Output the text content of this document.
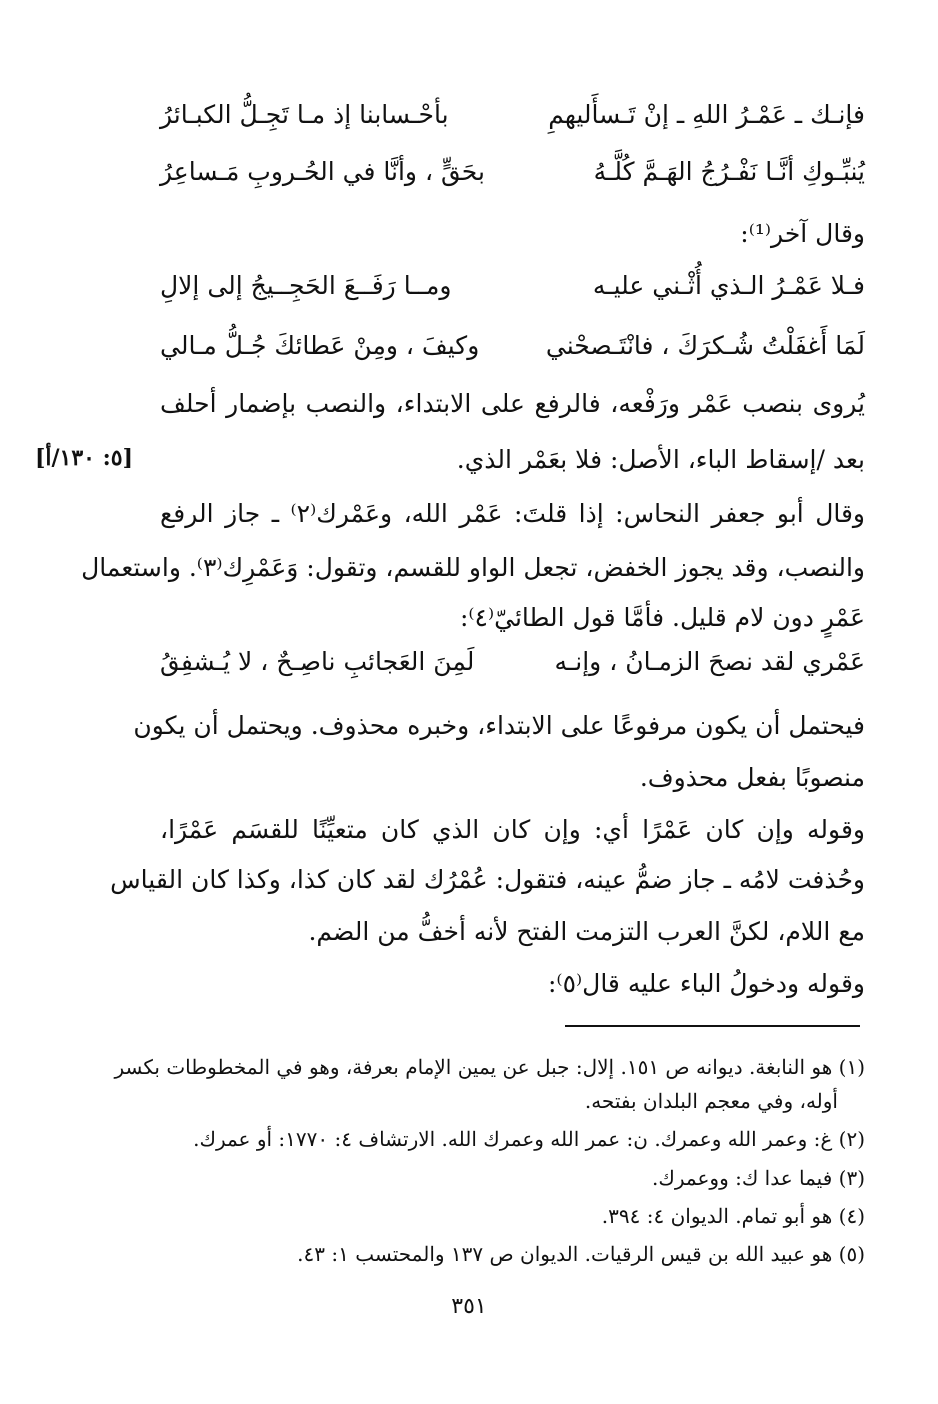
فإنـك ـ عَمْـرُ اللهِ ـ إنْ تَـسأَليهمِ
بأحْـسابنا إذ مـا تَجِـلُّ الكبـائرُ
يُنبِّـوكِ أنَّـا نَفْـرُجُ الهَـمَّ كُلَّـهُ
بحَقٍّ ، وأنَّا في الحُـروبِ مَـساعِرُ
وقال آخر⁽¹⁾:
فـلا عَمْـرُ الـذي أُثْـني عليـه
ومــا رَفَــعَ الحَجِــيجُ إلى إلالِ
لَمَا أَغفَلْتُ شُـكرَكَ ، فانْتَـصحْني
وكيفَ ، ومِنْ عَطائكَ جُـلُّ مـالي
يُروى بنصب عَمْر ورَفْعه، فالرفع على الابتداء، والنصب بإضمار أحلف
بعد /إسقاط الباء، الأصل: فلا بعَمْر الذي.
[٥: ١٣٠/أ]
وقال أبو جعفر النحاس: إذا قلتَ: عَمْر الله، وعَمْرك⁽٢⁾ ـ جاز الرفع
والنصب، وقد يجوز الخفض، تجعل الواو للقسم، وتقول: وَعَمْرِك⁽٣⁾. واستعمال
عَمْرٍ دون لام قليل. فأمَّا قول الطائيّ⁽٤⁾:
عَمْري لقد نصحَ الزمـانُ ، وإنـه
لَمِنَ العَجائبِ ناصِـحٌ ، لا يُـشفِقُ
فيحتمل أن يكون مرفوعًا على الابتداء، وخبره محذوف. ويحتمل أن يكون
منصوبًا بفعل محذوف.
وقوله وإن كان عَمْرًا أي: وإن كان الذي كان متعيِّنًا للقسَم عَمْرًا،
وحُذفت لامُه ـ جاز ضمُّ عينه، فتقول: عُمْرُك لقد كان كذا، وكذا كان القياس
مع اللام، لكنَّ العرب التزمت الفتح لأنه أخفُّ من الضم.
وقوله ودخولُ الباء عليه قال⁽٥⁾:
(١) هو النابغة. ديوانه ص ١٥١. إلال: جبل عن يمين الإمام بعرفة، وهو في المخطوطات بكسر
أوله، وفي معجم البلدان بفتحه.
(٢) غ: وعمر الله وعمرك. ن: عمر الله وعمرك الله. الارتشاف ٤: ١٧٧٠: أو عمرك.
(٣) فيما عدا ك: ووعمرك.
(٤) هو أبو تمام. الديوان ٤: ٣٩٤.
(٥) هو عبيد الله بن قيس الرقيات. الديوان ص ١٣٧ والمحتسب ١: ٤٣.
٣٥١
